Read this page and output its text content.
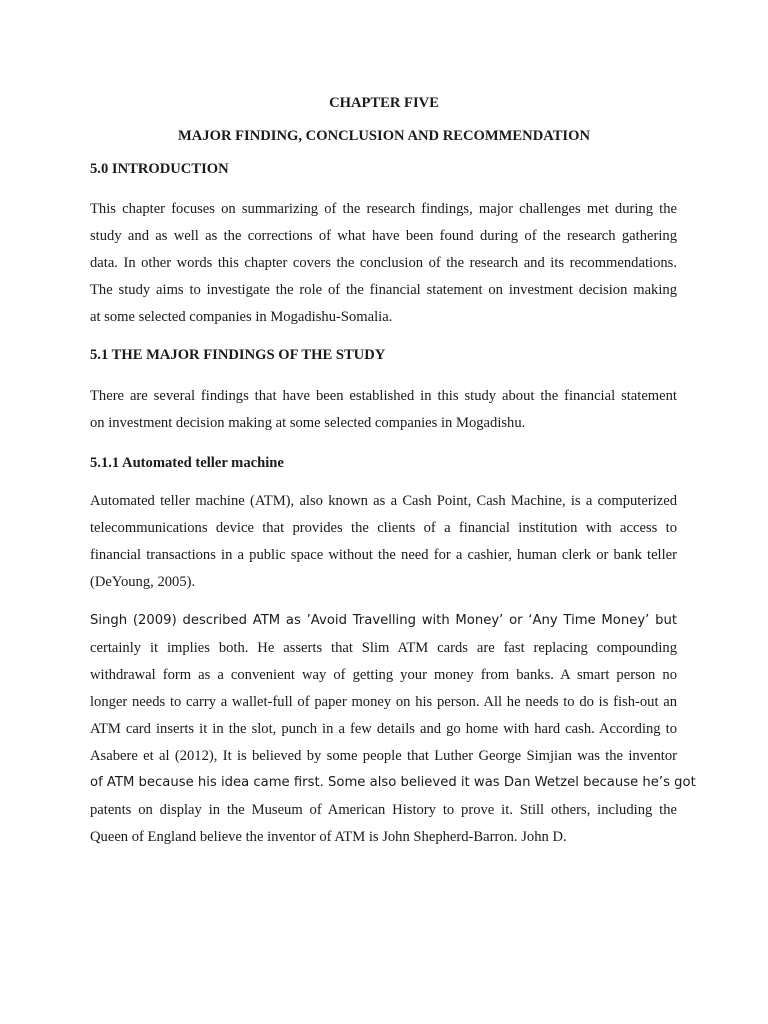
CHAPTER FIVE
MAJOR FINDING, CONCLUSION AND RECOMMENDATION
5.0 INTRODUCTION
This chapter focuses on summarizing of the research findings, major challenges met during the
study and as well as the corrections of what have been found during of the research gathering
data. In other words this chapter covers the conclusion of the research and its recommendations.
The study aims to investigate the role of the financial statement on investment decision making
at some selected companies in Mogadishu-Somalia.
5.1 THE MAJOR FINDINGS OF THE STUDY
There are several findings that have been established in this study about the financial statement
on investment decision making at some selected companies in Mogadishu.
5.1.1 Automated teller machine
Automated teller machine (ATM), also known as a Cash Point, Cash Machine, is a computerized
telecommunications device that provides the clients of a financial institution with access to
financial transactions in a public space without the need for a cashier, human clerk or bank teller
(DeYoung, 2005).
Singh (2009) described ATM as ’Avoid Travelling with Money’ or ‘Any Time Money’ but
certainly it implies both. He asserts that Slim ATM cards are fast replacing compounding
withdrawal form as a convenient way of getting your money from banks. A smart person no
longer needs to carry a wallet-full of paper money on his person. All he needs to do is fish-out an
ATM card inserts it in the slot, punch in a few details and go home with hard cash. According to
Asabere et al (2012), It is believed by some people that Luther George Simjian was the inventor
of ATM because his idea came first. Some also believed it was Dan Wetzel because he’s got
patents on display in the Museum of American History to prove it. Still others, including the
Queen of England believe the inventor of ATM is John Shepherd-Barron. John D.
